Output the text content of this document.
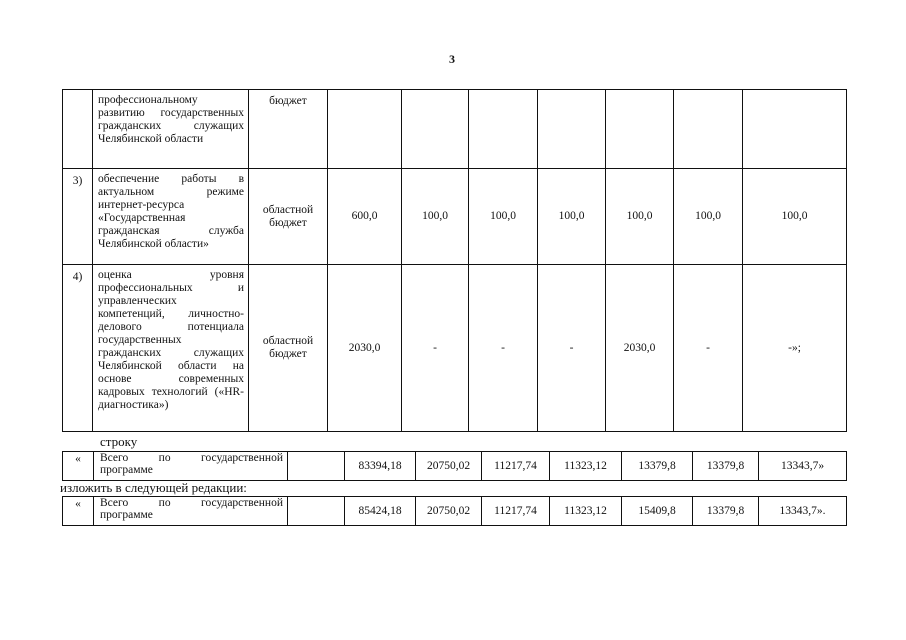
3
	профессиональному развитию государственных гражданских служащих Челябинской области	бюджет							
3)	обеспечение работы в актуальном режиме интернет-ресурса «Государственная гражданская служба Челябинской области»	областной бюджет	600,0	100,0	100,0	100,0	100,0	100,0	100,0
4)	оценка уровня профессиональных и управленческих компетенций, личностно-делового потенциала государственных гражданских служащих Челябинской области на основе современных кадровых технологий («HR-диагностика»)	областной бюджет	2030,0	-	-	-	2030,0	-	-»;
строку
«	Всего по государственной программе		83394,18	20750,02	11217,74	11323,12	13379,8	13379,8	13343,7»
изложить в следующей редакции:
«	Всего по государственной программе		85424,18	20750,02	11217,74	11323,12	15409,8	13379,8	13343,7».
